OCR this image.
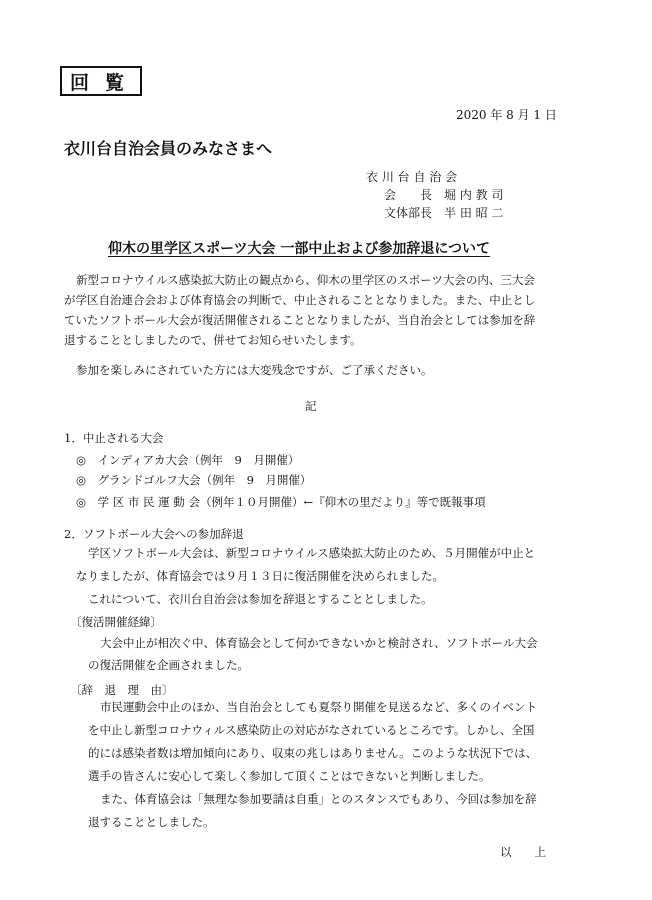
回覧
2020 年 8 月 1 日
衣川台自治会員のみなさまへ
衣 川 台 自 治 会
会　　長　堀 内 教 司
文体部長　半 田 昭 二
仰木の里学区スポーツ大会 一部中止および参加辞退について
新型コロナウイルス感染拡大防止の観点から、仰木の里学区のスポーツ大会の内、三大会
が学区自治連合会および体育協会の判断で、中止されることとなりました。また、中止とし
ていたソフトボール大会が復活開催されることとなりましたが、当自治会としては参加を辞
退することとしましたので、併せてお知らせいたします。
参加を楽しみにされていた方には大変残念ですが、ご了承ください。
記
1．中止される大会
◎　インディアカ大会（例年　9　月開催）
◎　グランドゴルフ大会（例年　9　月開催）
◎　学 区 市 民 運 動 会（例年１０月開催）←『仰木の里だより』等で既報事項
2．ソフトボール大会への参加辞退
学区ソフトボール大会は、新型コロナウイルス感染拡大防止のため、５月開催が中止と
なりましたが、体育協会では９月１３日に復活開催を決められました。
これについて、衣川台自治会は参加を辞退とすることとしました。
〔復活開催経緯〕
大会中止が相次ぐ中、体育協会として何かできないかと検討され、ソフトボール大会
の復活開催を企画されました。
〔辞　退　理　由〕
市民運動会中止のほか、当自治会としても夏祭り開催を見送るなど、多くのイベント
を中止し新型コロナウィルス感染防止の対応がなされているところです。しかし、全国
的には感染者数は増加傾向にあり、収束の兆しはありません。このような状況下では、
選手の皆さんに安心して楽しく参加して頂くことはできないと判断しました。
また、体育協会は「無理な参加要請は自重」とのスタンスでもあり、今回は参加を辞
退することとしました。
以　　上
